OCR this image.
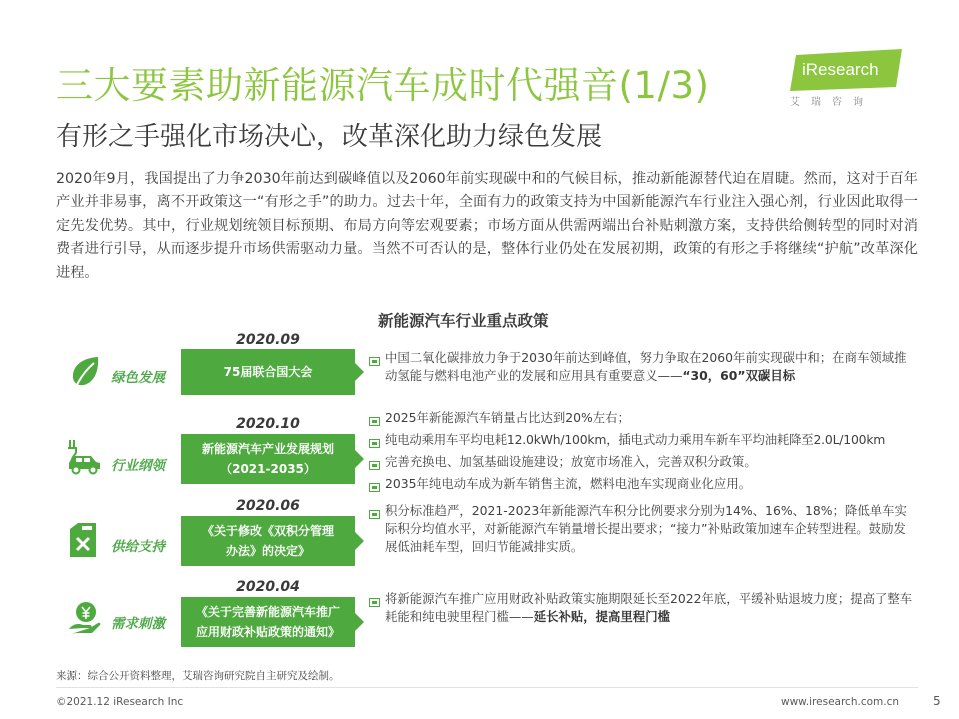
三大要素助新能源汽车成时代强音(1/3)	iResearch
艾瑞咨询
有形之手强化市场决心，改革深化助力绿色发展
2020年9月，我国提出了力争2030年前达到碳峰值以及2060年前实现碳中和的气候目标，推动新能源替代迫在眉睫。然而，这对于百年产业并非易事，离不开政策这一“有形之手”的助力。过去十年，全面有力的政策支持为中国新能源汽车行业注入强心剂，行业因此取得一定先发优势。其中，行业规划统领目标预期、布局方向等宏观要素；市场方面从供需两端出台补贴刺激方案，支持供给侧转型的同时对消费者进行引导，从而逐步提升市场供需驱动力量。当然不可否认的是，整体行业仍处在发展初期，政策的有形之手将继续“护航”改革深化进程。
新能源汽车行业重点政策
2020.09
绿色发展	75届联合国大会
中国二氧化碳排放力争于2030年前达到峰值，努力争取在2060年前实现碳中和；在商车领域推动氢能与燃料电池产业的发展和应用具有重要意义——“30，60”双碳目标
2020.10
行业纲领
新能源汽车产业发展规划
（2021-2035）
2025年新能源汽车销量占比达到20%左右；
纯电动乘用车平均电耗12.0kWh/100km，插电式动力乘用车新车平均油耗降至2.0L/100km
完善充换电、加氢基础设施建设；放宽市场准入，完善双积分政策。
2035年纯电动车成为新车销售主流，燃料电池车实现商业化应用。
2020.06
供给支持
《关于修改《双积分管理
办法》的决定》
积分标准趋严，2021-2023年新能源汽车积分比例要求分别为14%、16%、18%；降低单车实际积分均值水平，对新能源汽车销量增长提出要求；“接力”补贴政策加速车企转型进程。鼓励发展低油耗车型，回归节能减排实质。
2020.04
需求刺激
《关于完善新能源汽车推广
应用财政补贴政策的通知》
将新能源汽车推广应用财政补贴政策实施期限延长至2022年底，平缓补贴退坡力度；提高了整车耗能和纯电驶里程门槛——延长补贴，提高里程门槛
来源：综合公开资料整理，艾瑞咨询研究院自主研究及绘制。
©2021.12 iResearch Inc	www.iresearch.com.cn	5
